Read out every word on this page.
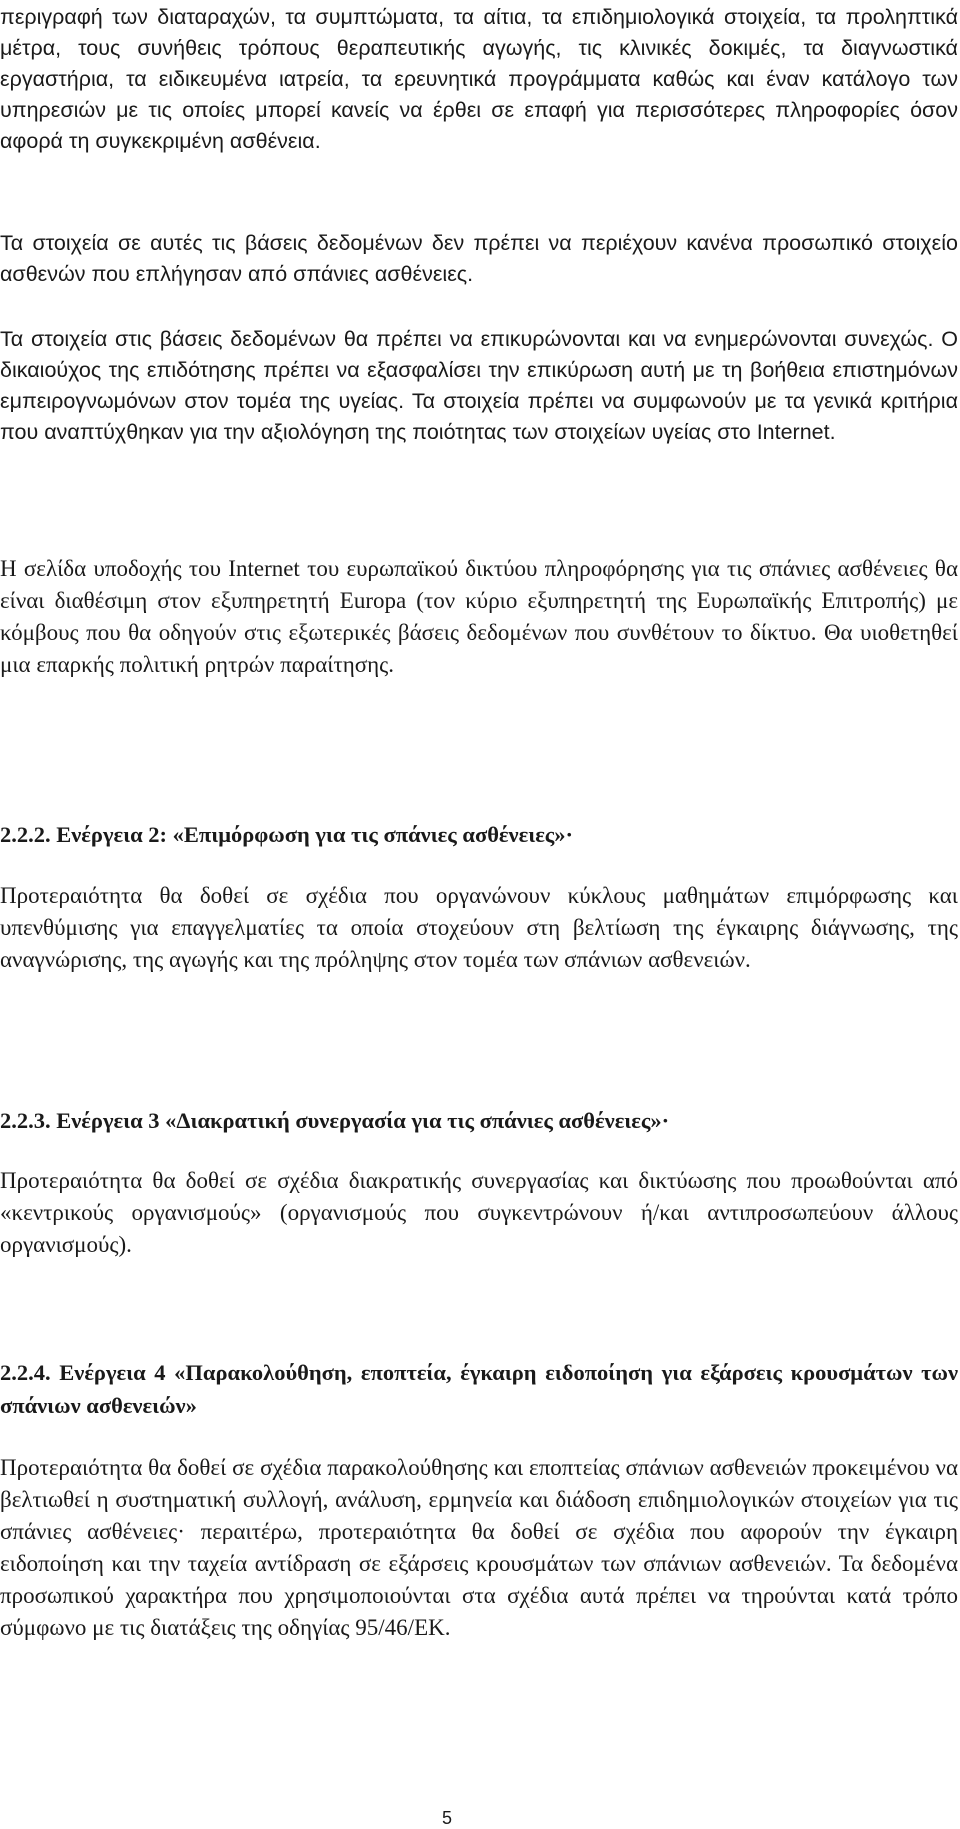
περιγραφή των διαταραχών, τα συμπτώματα, τα αίτια, τα επιδημιολογικά στοιχεία, τα προληπτικά μέτρα, τους συνήθεις τρόπους θεραπευτικής αγωγής, τις κλινικές δοκιμές, τα διαγνωστικά εργαστήρια, τα ειδικευμένα ιατρεία, τα ερευνητικά προγράμματα καθώς και έναν κατάλογο των υπηρεσιών με τις οποίες μπορεί κανείς να έρθει σε επαφή για περισσότερες πληροφορίες όσον αφορά τη συγκεκριμένη ασθένεια.

Τα στοιχεία σε αυτές τις βάσεις δεδομένων δεν πρέπει να περιέχουν κανένα προσωπικό στοιχείο ασθενών που επλήγησαν από σπάνιες ασθένειες.

Τα στοιχεία στις βάσεις δεδομένων θα πρέπει να επικυρώνονται και να ενημερώνονται συνεχώς. Ο δικαιούχος της επιδότησης πρέπει να εξασφαλίσει την επικύρωση αυτή με τη βοήθεια επιστημόνων εμπειρογνωμόνων στον τομέα της υγείας. Τα στοιχεία πρέπει να συμφωνούν με τα γενικά κριτήρια που αναπτύχθηκαν για την αξιολόγηση της ποιότητας των στοιχείων υγείας στο Internet.

Η σελίδα υποδοχής του Internet του ευρωπαϊκού δικτύου πληροφόρησης για τις σπάνιες ασθένειες θα είναι διαθέσιμη στον εξυπηρετητή Europa (τον κύριο εξυπηρετητή της Ευρωπαϊκής Επιτροπής) με κόμβους που θα οδηγούν στις εξωτερικές βάσεις δεδομένων που συνθέτουν το δίκτυο. Θα υιοθετηθεί μια επαρκής πολιτική ρητρών παραίτησης.

2.2.2. Ενέργεια 2: «Επιμόρφωση για τις σπάνιες ασθένειες»·

Προτεραιότητα θα δοθεί σε σχέδια που οργανώνουν κύκλους μαθημάτων επιμόρφωσης και υπενθύμισης για επαγγελματίες τα οποία στοχεύουν στη βελτίωση της έγκαιρης διάγνωσης, της αναγνώρισης, της αγωγής και της πρόληψης στον τομέα των σπάνιων ασθενειών.

2.2.3. Ενέργεια 3 «Διακρατική συνεργασία για τις σπάνιες ασθένειες»·

Προτεραιότητα θα δοθεί σε σχέδια διακρατικής συνεργασίας και δικτύωσης που προωθούνται από «κεντρικούς οργανισμούς» (οργανισμούς που συγκεντρώνουν ή/και αντιπροσωπεύουν άλλους οργανισμούς).

2.2.4. Ενέργεια 4 «Παρακολούθηση, εποπτεία, έγκαιρη ειδοποίηση για εξάρσεις κρουσμάτων των σπάνιων ασθενειών»

Προτεραιότητα θα δοθεί σε σχέδια παρακολούθησης και εποπτείας σπάνιων ασθενειών προκειμένου να βελτιωθεί η συστηματική συλλογή, ανάλυση, ερμηνεία και διάδοση επιδημιολογικών στοιχείων για τις σπάνιες ασθένειες· περαιτέρω, προτεραιότητα θα δοθεί σε σχέδια που αφορούν την έγκαιρη ειδοποίηση και την ταχεία αντίδραση σε εξάρσεις κρουσμάτων των σπάνιων ασθενειών. Τα δεδομένα προσωπικού χαρακτήρα που χρησιμοποιούνται στα σχέδια αυτά πρέπει να τηρούνται κατά τρόπο σύμφωνο με τις διατάξεις της οδηγίας 95/46/ΕΚ.

5
